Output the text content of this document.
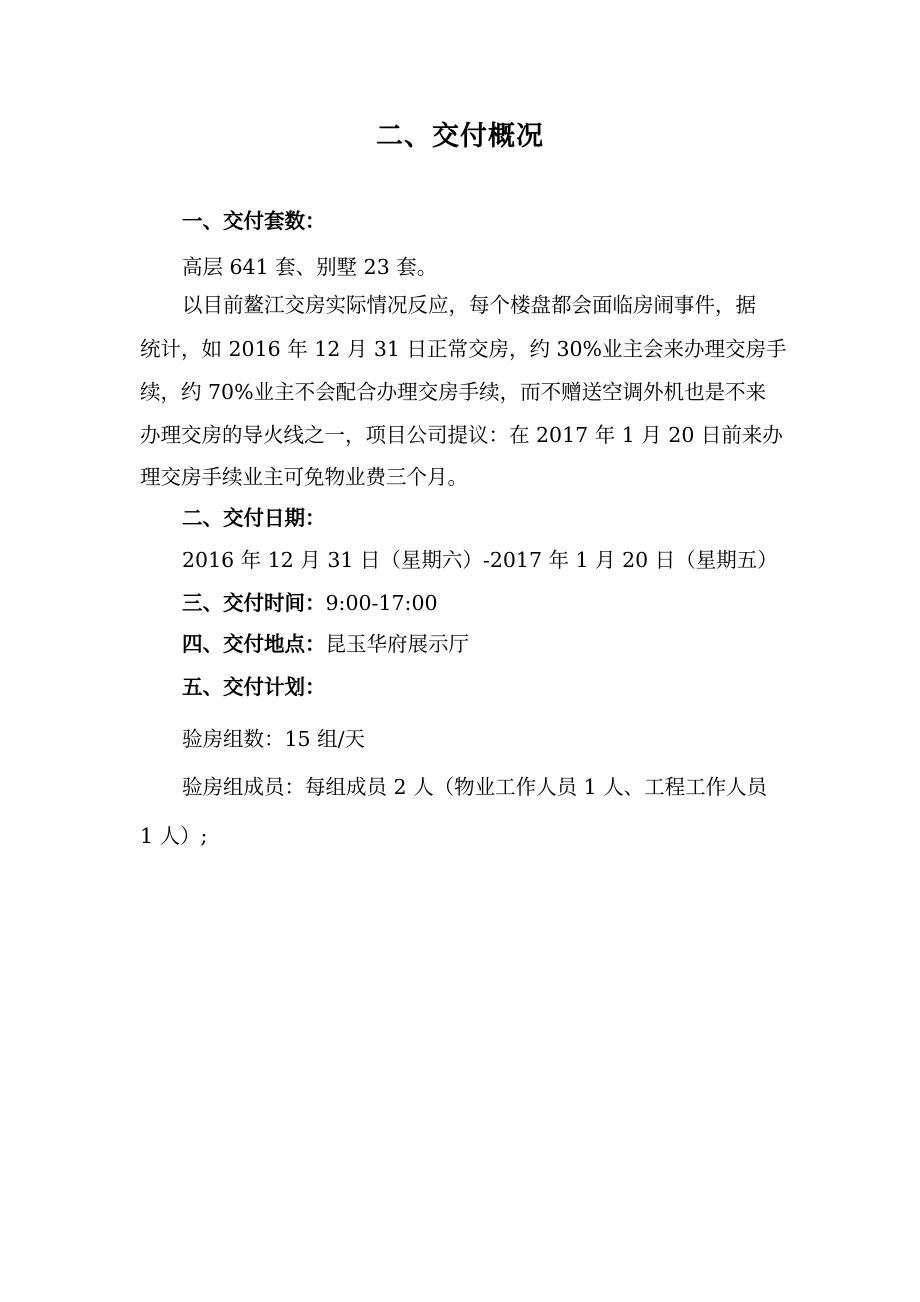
二、交付概况
一、交付套数：
高层 641 套、别墅 23 套。
以目前鳌江交房实际情况反应，每个楼盘都会面临房闹事件，据
统计，如 2016 年 12 月 31 日正常交房，约 30%业主会来办理交房手
续，约 70%业主不会配合办理交房手续，而不赠送空调外机也是不来
办理交房的导火线之一，项目公司提议：在 2017 年 1 月 20 日前来办
理交房手续业主可免物业费三个月。
二、交付日期：
2016 年 12 月 31 日（星期六）-2017 年 1 月 20 日（星期五）
三、交付时间：9:00-17:00
四、交付地点：昆玉华府展示厅
五、交付计划：
验房组数：15 组/天
验房组成员：每组成员 2 人（物业工作人员 1 人、工程工作人员
1 人）;
